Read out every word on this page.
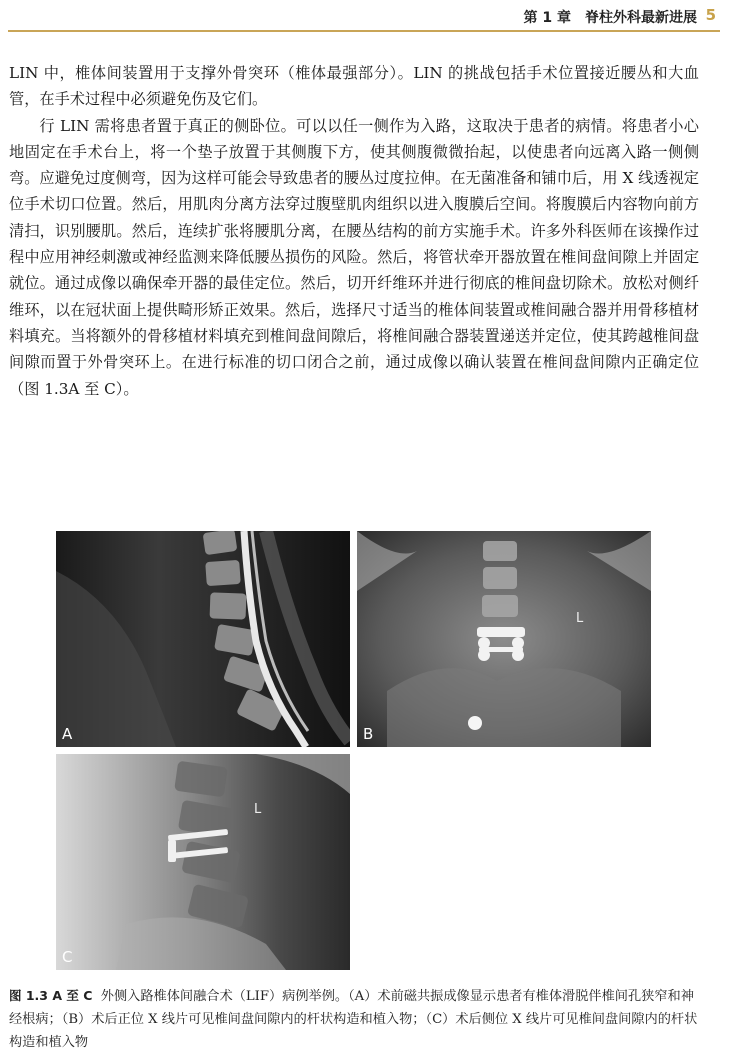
第 1 章　脊柱外科最新进展 5

LIN 中，椎体间装置用于支撑外骨突环（椎体最强部分）。LIN 的挑战包括手术位置接近腰丛和大血管，在手术过程中必须避免伤及它们。

行 LIN 需将患者置于真正的侧卧位。可以以任一侧作为入路，这取决于患者的病情。将患者小心地固定在手术台上，将一个垫子放置于其侧腹下方，使其侧腹微微抬起，以使患者向远离入路一侧侧弯。应避免过度侧弯，因为这样可能会导致患者的腰丛过度拉伸。在无菌准备和铺巾后，用 X 线透视定位手术切口位置。然后，用肌肉分离方法穿过腹壁肌肉组织以进入腹膜后空间。将腹膜后内容物向前方清扫，识别腰肌。然后，连续扩张将腰肌分离，在腰丛结构的前方实施手术。许多外科医师在该操作过程中应用神经刺激或神经监测来降低腰丛损伤的风险。然后，将管状牵开器放置在椎间盘间隙上并固定就位。通过成像以确保牵开器的最佳定位。然后，切开纤维环并进行彻底的椎间盘切除术。放松对侧纤维环，以在冠状面上提供畸形矫正效果。然后，选择尺寸适当的椎体间装置或椎间融合器并用骨移植材料填充。当将额外的骨移植材料填充到椎间盘间隙后，将椎间融合器装置递送并定位，使其跨越椎间盘间隙而置于外骨突环上。在进行标准的切口闭合之前，通过成像以确认装置在椎间盘间隙内正确定位（图 1.3A 至 C）。

A
L
B
L
C
图 1.3 A 至 C 外侧入路椎体间融合术（LIF）病例举例。（A）术前磁共振成像显示患者有椎体滑脱伴椎间孔狭窄和神经根病；（B）术后正位 X 线片可见椎间盘间隙内的杆状构造和植入物；（C）术后侧位 X 线片可见椎间盘间隙内的杆状构造和植入物
